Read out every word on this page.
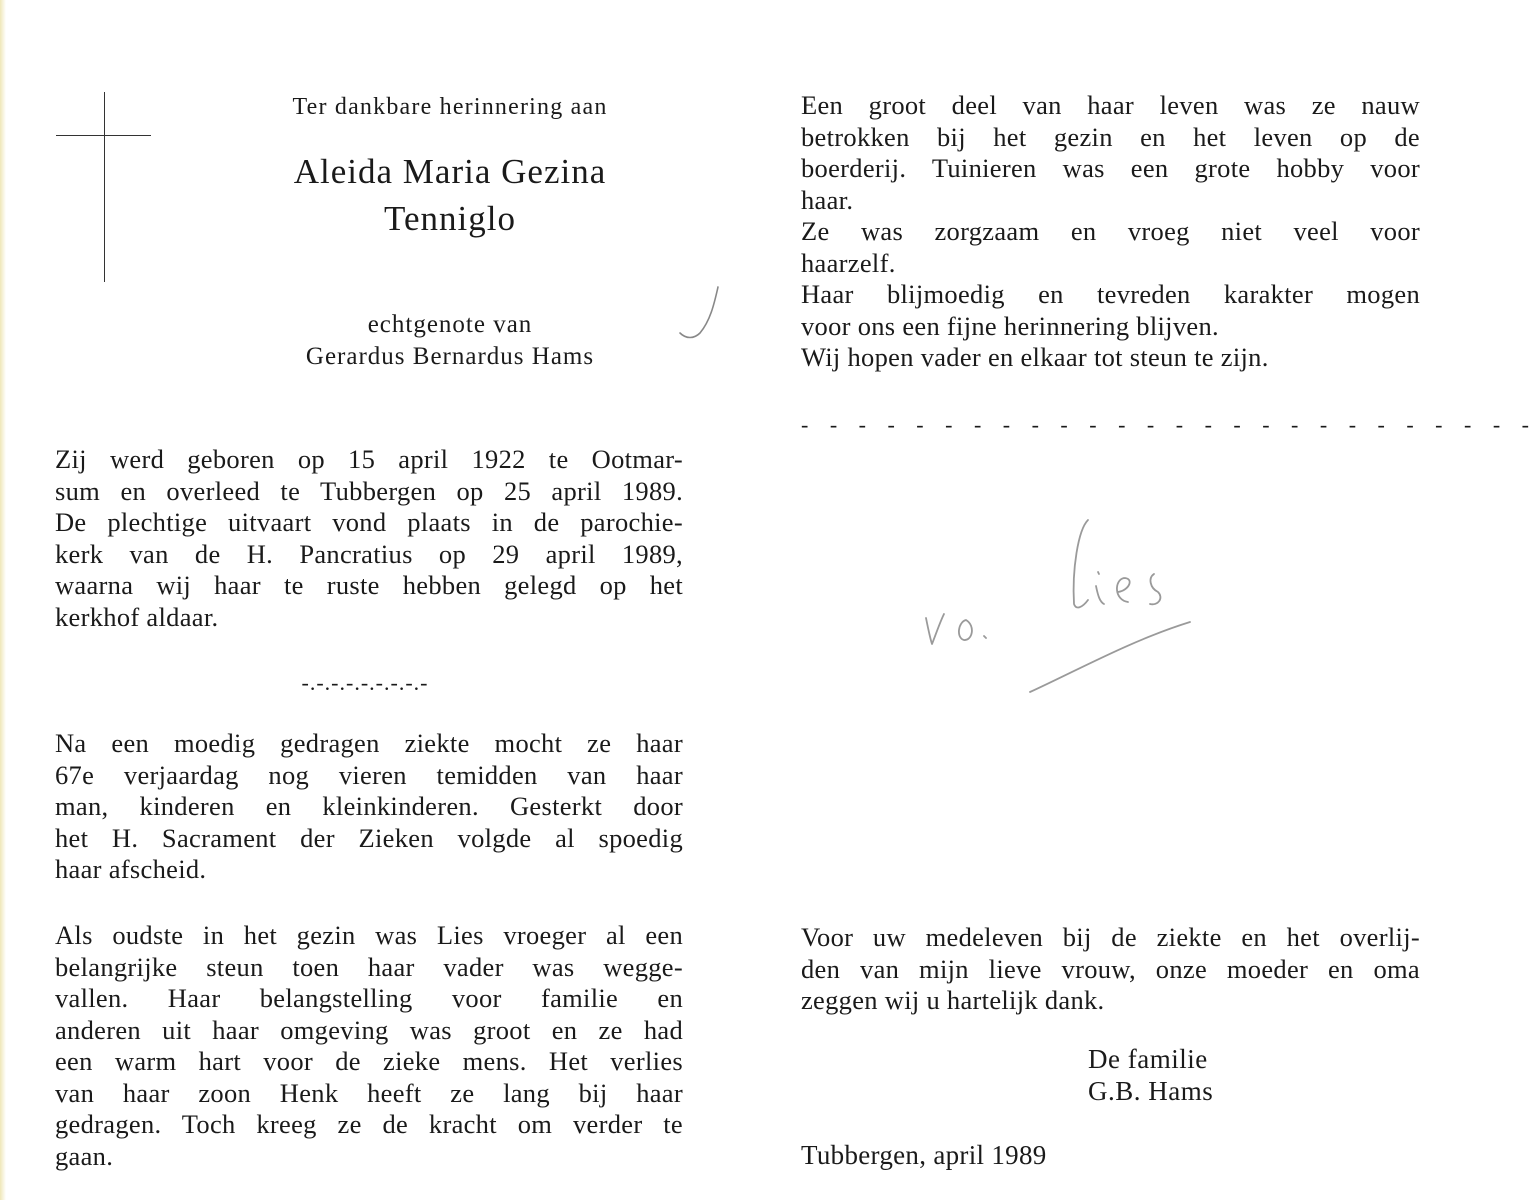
Ter dankbare herinnering aan
Aleida Maria Gezina
Tenniglo
echtgenote van
Gerardus Bernardus Hams
Zij werd geboren op 15 april 1922 te Ootmar-
sum en overleed te Tubbergen op 25 april 1989.
De plechtige uitvaart vond plaats in de parochie-
kerk van de H. Pancratius op 29 april 1989,
waarna wij haar te ruste hebben gelegd op het
kerkhof aldaar.
-.-.-.-.-.-.-.-.-
Na een moedig gedragen ziekte mocht ze haar
67e verjaardag nog vieren temidden van haar
man, kinderen en kleinkinderen. Gesterkt door
het H. Sacrament der Zieken volgde al spoedig
haar afscheid.
Als oudste in het gezin was Lies vroeger al een
belangrijke steun toen haar vader was wegge-
vallen. Haar belangstelling voor familie en
anderen uit haar omgeving was groot en ze had
een warm hart voor de zieke mens. Het verlies
van haar zoon Henk heeft ze lang bij haar
gedragen. Toch kreeg ze de kracht om verder te
gaan.
Een groot deel van haar leven was ze nauw
betrokken bij het gezin en het leven op de
boerderij. Tuinieren was een grote hobby voor
haar.
Ze was zorgzaam en vroeg niet veel voor
haarzelf.
Haar blijmoedig en tevreden karakter mogen
voor ons een fijne herinnering blijven.
Wij hopen vader en elkaar tot steun te zijn.
- - - - - - - - - - - - - - - - - - - - - - - - - -
Voor uw medeleven bij de ziekte en het overlij-
den van mijn lieve vrouw, onze moeder en oma
zeggen wij u hartelijk dank.
De familie
G.B. Hams
Tubbergen, april 1989
